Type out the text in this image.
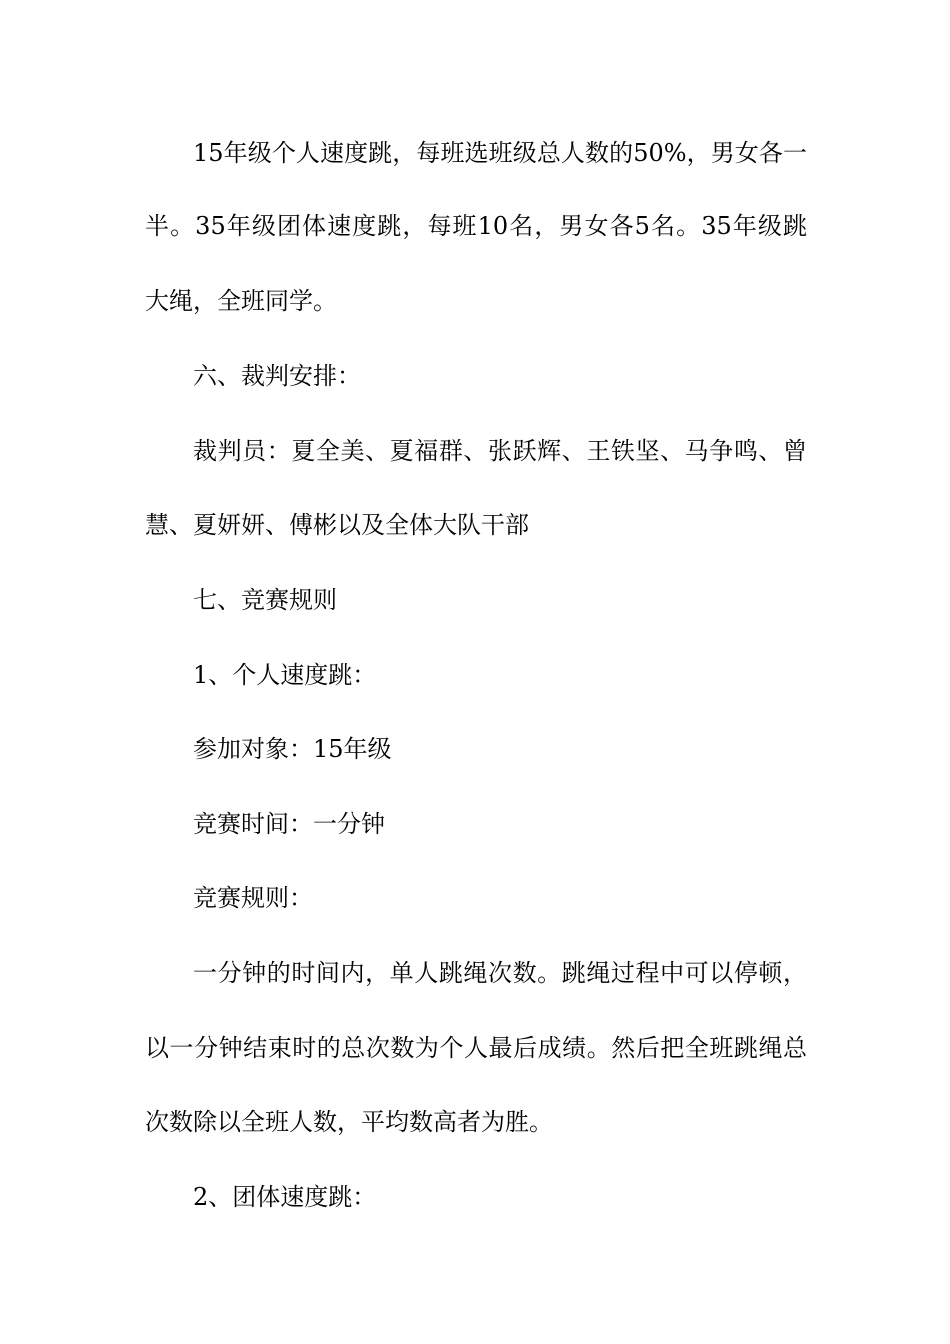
15年级个人速度跳，每班选班级总人数的50%，男女各一
半。35年级团体速度跳，每班10名，男女各5名。35年级跳
大绳，全班同学。
六、裁判安排：
裁判员：夏全美、夏福群、张跃辉、王铁坚、马争鸣、曾
慧、夏妍妍、傅彬以及全体大队干部
七、竞赛规则
1、个人速度跳：
参加对象：15年级
竞赛时间：一分钟
竞赛规则：
一分钟的时间内，单人跳绳次数。跳绳过程中可以停顿，
以一分钟结束时的总次数为个人最后成绩。然后把全班跳绳总
次数除以全班人数，平均数高者为胜。
2、团体速度跳：
